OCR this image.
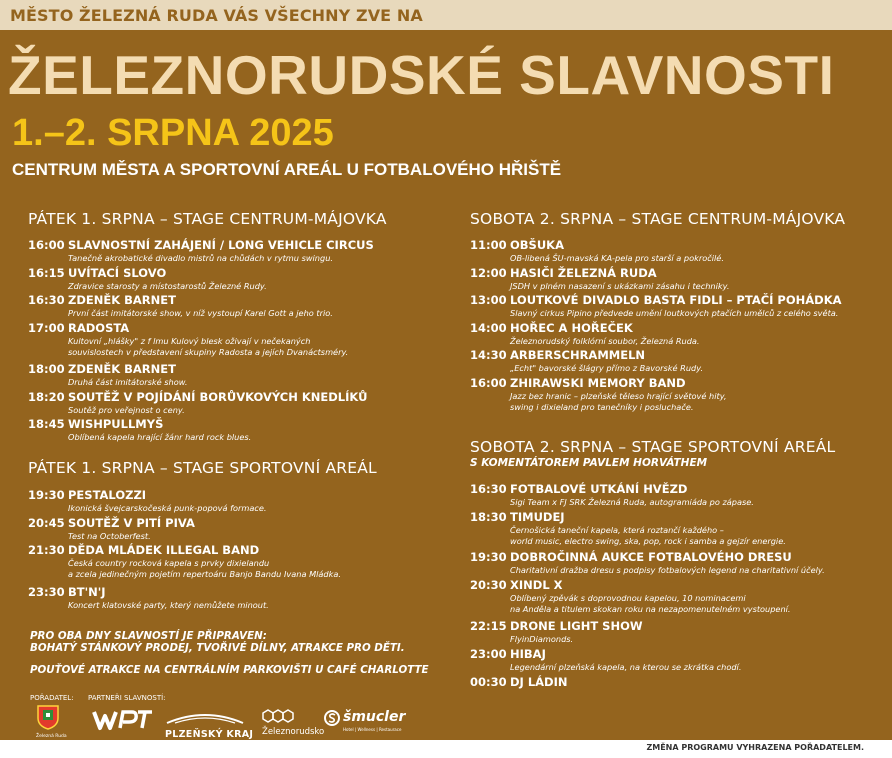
MĚSTO ŽELEZNÁ RUDA VÁS VŠECHNY ZVE NA
ŽELEZNORUDSKÉ SLAVNOSTI
1.–2. SRPNA 2025
CENTRUM MĚSTA A SPORTOVNÍ AREÁL U FOTBALOVÉHO HŘIŠTĚ
PÁTEK 1. SRPNA – STAGE CENTRUM-MÁJOVKA
16:00 SLAVNOSTNÍ ZAHÁJENÍ / LONG VEHICLE CIRCUS
Tanečně akrobatické divadlo mistrů na chůdách v rytmu swingu.
16:15 UVÍTACÍ SLOVO
Zdravice starosty a místostarostů Železné Rudy.
16:30 ZDENĚK BARNET
První část imitátorské show, v níž vystoupí Karel Gott a jeho trio.
17:00 RADOSTA
Kultovní „hlášky" z f lmu Kulový blesk oživají v nečekaných
souvislostech v představení skupiny Radosta a jejích Dvanáctsméry.
18:00 ZDENĚK BARNET
Druhá část imitátorské show.
18:20 SOUTĚŽ V POJÍDÁNÍ BORŮVKOVÝCH KNEDLÍKŮ
Soutěž pro veřejnost o ceny.
18:45 WISHPULLMYŠ
Oblíbená kapela hrající žánr hard rock blues.
PÁTEK 1. SRPNA – STAGE SPORTOVNÍ AREÁL
19:30 PESTALOZZI
Ikonická švejcarskočeská punk-popová formace.
20:45 SOUTĚŽ V PITÍ PIVA
Test na Octoberfest.
21:30 DĚDA MLÁDEK ILLEGAL BAND
Česká country rocková kapela s prvky dixielandu
a zcela jedinečným pojetím repertoáru Banjo Bandu Ivana Mládka.
23:30 BT'N'J
Koncert klatovské party, který nemůžete minout.
SOBOTA 2. SRPNA – STAGE CENTRUM-MÁJOVKA
11:00 OBŠUKA
OB-libená ŠU-mavská KA-pela pro starší a pokročilé.
12:00 HASIČI ŽELEZNÁ RUDA
JSDH v plném nasazení s ukázkami zásahu i techniky.
13:00 LOUTKOVÉ DIVADLO BASTA FIDLI – PTAČÍ POHÁDKA
Slavný cirkus Pipino předvede umění loutkových ptačích umělců z celého světa.
14:00 HOŘEC A HOŘEČEK
Železnorudský folklórní soubor, Železná Ruda.
14:30 ARBERSCHRAMMELN
„Echt" bavorské šlágry přímo z Bavorské Rudy.
16:00 ZHIRAWSKI MEMORY BAND
Jazz bez hranic – plzeňské těleso hrající světové hity,
swing i dixieland pro tanečníky i posluchače.
SOBOTA 2. SRPNA – STAGE SPORTOVNÍ AREÁL
S KOMENTÁTOREM PAVLEM HORVÁTHEM
16:30 FOTBALOVÉ UTKÁNÍ HVĚZD
Sigi Team x FJ SRK Železná Ruda, autogramiáda po zápase.
18:30 TIMUDEJ
Černošická taneční kapela, která roztančí každého –
world music, electro swing, ska, pop, rock i samba a gejzír energie.
19:30 DOBROČINNÁ AUKCE FOTBALOVÉHO DRESU
Charitativní dražba dresu s podpisy fotbalových legend na charitativní účely.
20:30 XINDL X
Oblíbený zpěvák s doprovodnou kapelou, 10 nominacemi
na Anděla a titulem skokan roku na nezapomenutelném vystoupení.
22:15 DRONE LIGHT SHOW
FlyinDiamonds.
23:00 HIBAJ
Legendární plzeňská kapela, na kterou se zkrátka chodí.
00:30 DJ LÁDIN
PRO OBA DNY SLAVNOSTÍ JE PŘIPRAVEN:
BOHATÝ STÁNKOVÝ PRODEJ, TVOŘIVÉ DÍLNY, ATRAKCE PRO DĚTI.
POUŤOVÉ ATRAKCE NA CENTRÁLNÍM PARKOVIŠTI U CAFÉ CHARLOTTE
POŘADATEL: PARTNEŘI SLAVNOSTÍ:
Železná Ruda	PLZEŇSKÝ KRAJ Železnorudsko
šmucler
Hotel | Wellness | Restaurace
ZMĚNA PROGRAMU VYHRAZENA POŘADATELEM.
